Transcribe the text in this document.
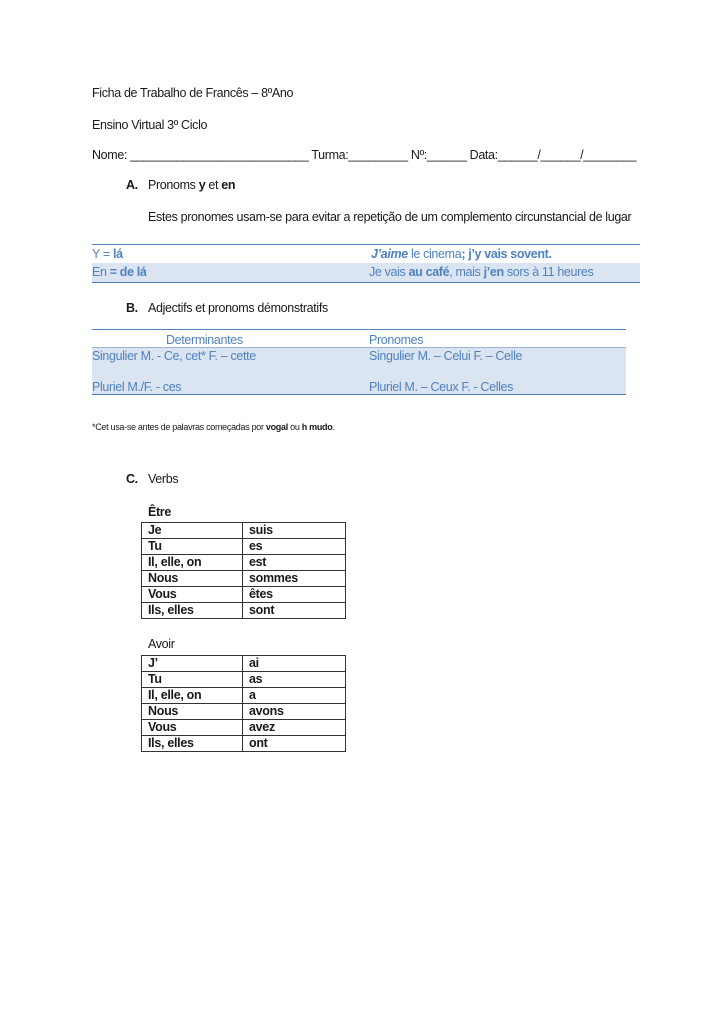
Ficha de Trabalho de Francês – 8ºAno
Ensino Virtual 3º Ciclo
Nome: ___________________________ Turma:_________ Nº:______ Data:______/______/________
A. Pronoms y et en
Estes pronomes usam-se para evitar a repetição de um complemento circunstancial de lugar
Y = lá	J’aime le cinema; j’y vais sovent.
En = de lá	Je vais au café, mais j’en sors à 11 heures
B. Adjectifs et pronoms démonstratifs
Determinantes	Pronomes
Singulier M. - Ce, cet* F. – cette	Singulier M. – Celui F. – Celle
Pluriel M./F. - ces	Pluriel M. – Ceux F. - Celles
*Cet usa-se antes de palavras começadas por vogal ou h mudo.
C. Verbs
Être
Je	suis
Tu	es
Il, elle, on	est
Nous	sommes
Vous	êtes
Ils, elles	sont
Avoir
J’	ai
Tu	as
Il, elle, on	a
Nous	avons
Vous	avez
Ils, elles	ont
